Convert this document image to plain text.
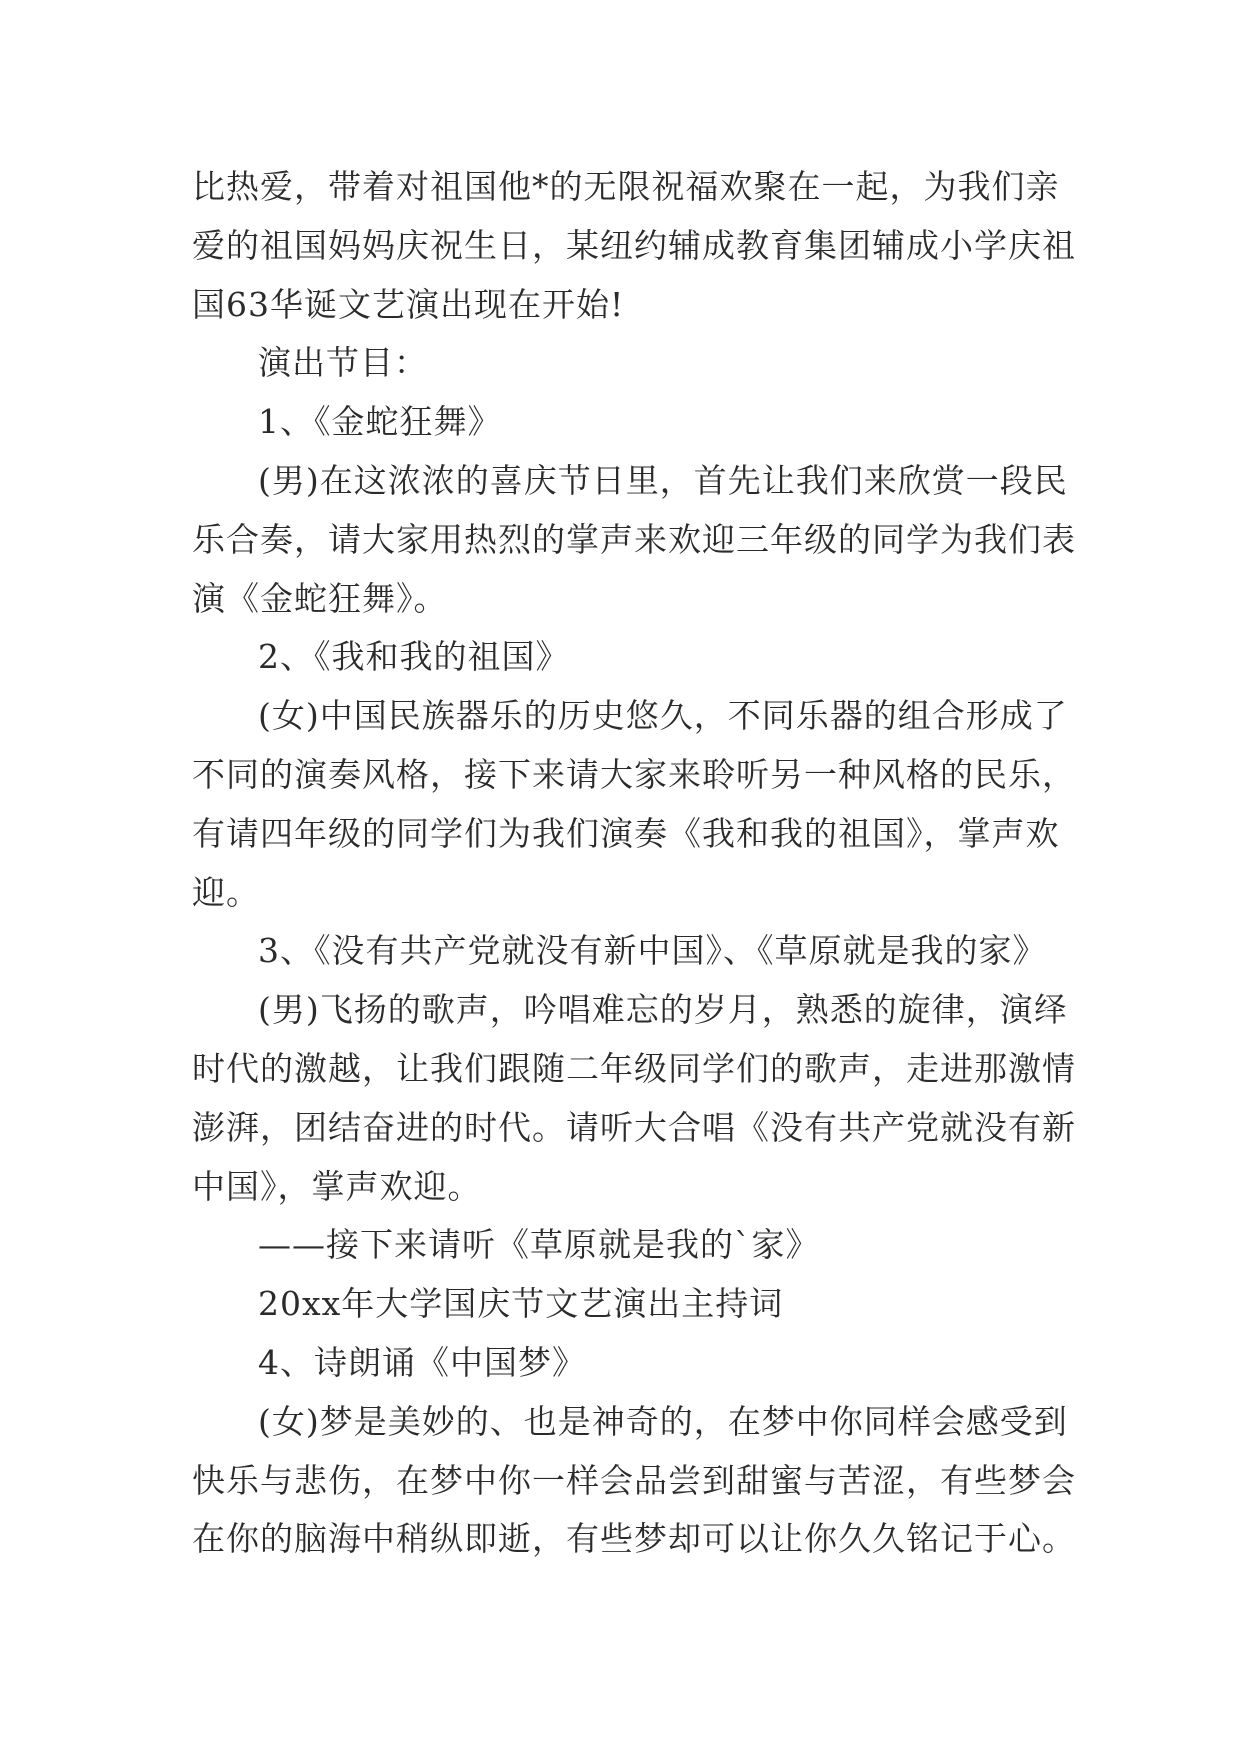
比热爱，带着对祖国他*的无限祝福欢聚在一起，为我们亲
爱的祖国妈妈庆祝生日，某纽约辅成教育集团辅成小学庆祖
国63华诞文艺演出现在开始!
演出节目：
1、《金蛇狂舞》
(男)在这浓浓的喜庆节日里，首先让我们来欣赏一段民
乐合奏，请大家用热烈的掌声来欢迎三年级的同学为我们表
演《金蛇狂舞》。
2、《我和我的祖国》
(女)中国民族器乐的历史悠久，不同乐器的组合形成了
不同的演奏风格，接下来请大家来聆听另一种风格的民乐，
有请四年级的同学们为我们演奏《我和我的祖国》，掌声欢
迎。
3、《没有共产党就没有新中国》、《草原就是我的家》
(男)飞扬的歌声，吟唱难忘的岁月，熟悉的旋律，演绎
时代的激越，让我们跟随二年级同学们的歌声，走进那激情
澎湃，团结奋进的时代。请听大合唱《没有共产党就没有新
中国》，掌声欢迎。
——接下来请听《草原就是我的`家》
20xx年大学国庆节文艺演出主持词
4、诗朗诵《中国梦》
(女)梦是美妙的、也是神奇的，在梦中你同样会感受到
快乐与悲伤，在梦中你一样会品尝到甜蜜与苦涩，有些梦会
在你的脑海中稍纵即逝，有些梦却可以让你久久铭记于心。
